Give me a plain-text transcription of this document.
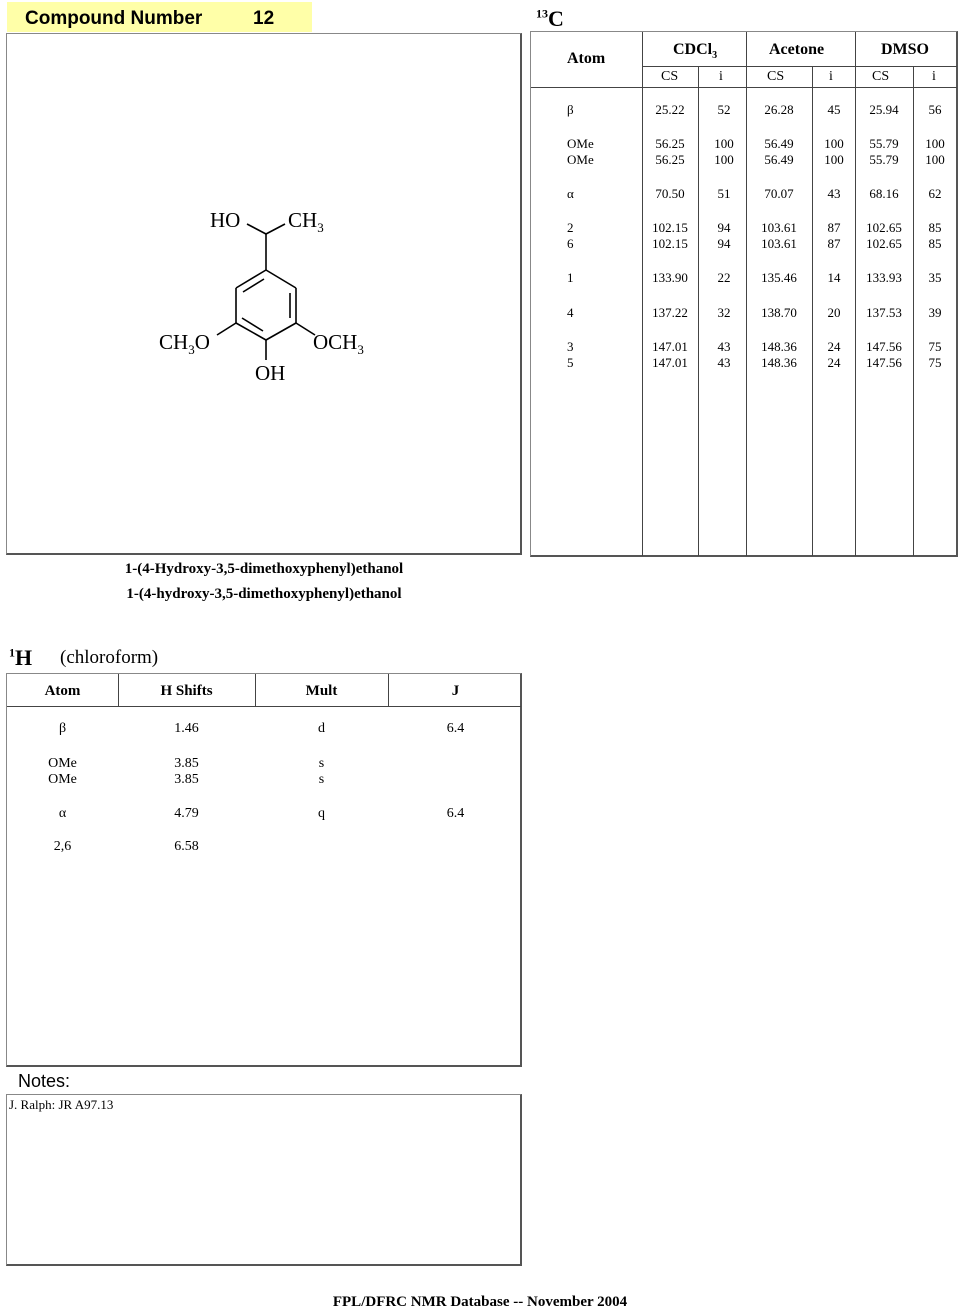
Compound Number	12	$^{13}$C
HO $CH_3$
$CH_3O$	$OCH_3$
OH
Atom
CDCl$_3$	Acetone	DMSO
CS	i	CS	i	CS	i
β	25.22	52	26.28	45	25.94	56
OMe	56.25	100	56.49	100	55.79	100
OMe	56.25	100	56.49	100	55.79	100
α	70.50	51	70.07	43	68.16	62
2	102.15	94	103.61	87	102.65	85
6	102.15	94	103.61	87	102.65	85
1	133.90	22	135.46	14	133.93	35
4	137.22	32	138.70	20	137.53	39
3	147.01	43	148.36	24	147.56	75
5	147.01	43	148.36	24	147.56	75
1-(4-Hydroxy-3,5-dimethoxyphenyl)ethanol
1-(4-hydroxy-3,5-dimethoxyphenyl)ethanol
$^1$H (chloroform)
Atom	H Shifts	Mult	J
β	1.46	d	6.4
OMe	3.85	s
OMe	3.85	s
α	4.79	q	6.4
2,6	6.58
Notes:
J. Ralph: JR A97.13
FPL/DFRC NMR Database -- November 2004
